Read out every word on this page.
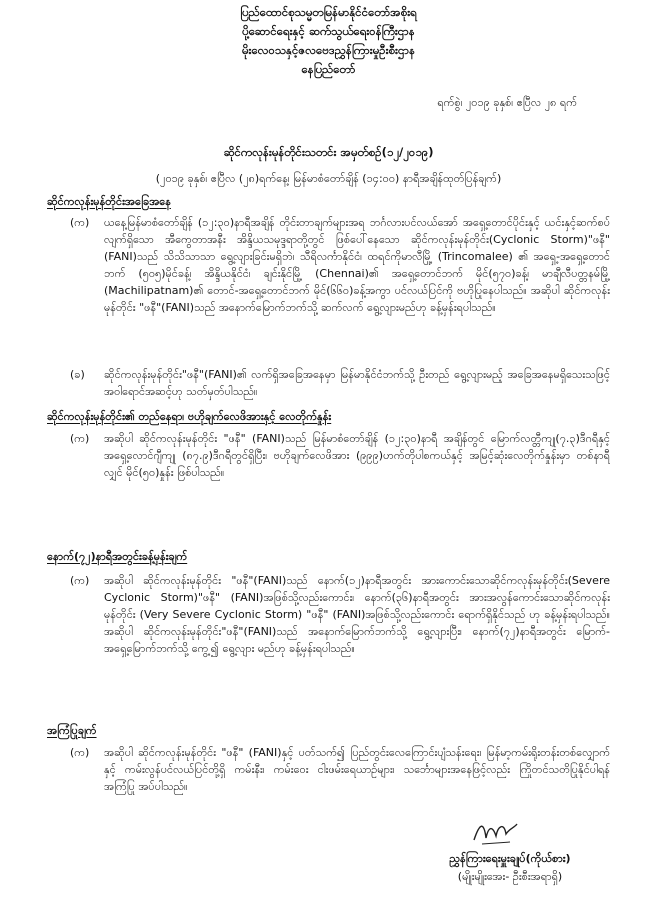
ပြည်ထောင်စုသမ္မတမြန်မာနိုင်ငံတော်အစိုးရ
ပို့ဆောင်ရေးနှင့် ဆက်သွယ်ရေးဝန်ကြီးဌာန
မိုးလေဝသနှင့်ဇလဗေဒညွှန်ကြားမှုဦးစီးဌာန
နေပြည်တော်
ရက်စွဲ၊ ၂၀၁၉ ခုနှစ်၊ ဧပြီလ ၂၈ ရက်
ဆိုင်ကလုန်းမုန်တိုင်းသတင်း အမှတ်စဉ်(၁၂/၂၀၁၉)
(၂၀၁၉ ခုနှစ်၊ ဧပြီလ (၂၈)ရက်နေ့၊ မြန်မာစံတော်ချိန် (၁၄:၀၀) နာရီအချိန်ထုတ်ပြန်ချက်)
ဆိုင်ကလုန်းမုန်တိုင်းအခြေအနေ
(က) ယနေ့မြန်မာစံတော်ချိန် (၁၂:၃၀)နာရီအချိန် တိုင်းတာချက်များအရ ဘင်္ဂလားပင်လယ်အော် အရှေ့တောင်ပိုင်းနှင့် ယင်းနှင့်ဆက်စပ်လျက်ရှိသော အီကွေတာအနီး အိန္ဒိယသမုဒ္ဒရာတို့တွင် ဖြစ်ပေါ်နေသော ဆိုင်ကလုန်းမုန်တိုင်း(Cyclonic Storm)"ဖနီ"(FANI)သည် သိသိသာသာ ရွေ့လျားခြင်းမရှိဘဲ၊ သီရိလင်္ကာနိုင်ငံ၊ ထရင်ကိုမာလီမြို့ (Trincomalee) ၏ အရှေ့-အရှေ့တောင်ဘက် (၅၀၅)မိုင်ခန့်၊ အိန္ဒိယနိုင်ငံ၊ ချင်းနိုင်မြို့ (Chennai)၏ အရှေ့တောင်ဘက် မိုင်(၅၇၀)ခန့်၊ မာချီလီပတ္တနမ်မြို့ (Machilipatnam)၏ တောင်-အရှေ့တောင်ဘက် မိုင်(၆၆၀)ခန့်အကွာ ပင်လယ်ပြင်ကို ဗဟိုပြုနေပါသည်။ အဆိုပါ ဆိုင်ကလုန်းမုန်တိုင်း "ဖနီ"(FANI)သည် အနောက်မြောက်ဘက်သို့ ဆက်လက် ရွေ့လျားမည်ဟု ခန့်မှန်းရပါသည်။
(ခ) ဆိုင်ကလုန်းမုန်တိုင်း"ဖနီ"(FANI)၏ လက်ရှိအခြေအနေမှာ မြန်မာနိုင်ငံဘက်သို့ ဦးတည် ရွေ့လျားမည့် အခြေအနေမရှိသေးသဖြင့် အဝါရောင်အဆင့်ဟု သတ်မှတ်ပါသည်။
ဆိုင်ကလုန်းမုန်တိုင်း၏ တည်နေရာ၊ ဗဟိုချက်လေဖိအားနှင့် လေတိုက်နှုန်း
(က) အဆိုပါ ဆိုင်ကလုန်းမုန်တိုင်း "ဖနီ" (FANI)သည် မြန်မာစံတော်ချိန် (၁၂:၃၀)နာရီ အချိန်တွင် မြောက်လတ္တီကျု(၇.၃)ဒီဂရီနှင့် အရှေ့လောင်ဂျီကျု (၈၇.၉)ဒီဂရီတွင်ရှိပြီး၊ ဗဟိုချက်လေဖိအား (၉၉၉)ဟက်တိုပါစကယ်နှင့် အမြင့်ဆုံးလေတိုက်နှုန်းမှာ တစ်နာရီလျှင် မိုင်(၅၀)နှုန်း ဖြစ်ပါသည်။
နောက်(၇၂)နာရီအတွင်းခန့်မှန်းချက်
(က) အဆိုပါ ဆိုင်ကလုန်းမုန်တိုင်း "ဖနီ"(FANI)သည် နောက်(၁၂)နာရီအတွင်း အားကောင်းသောဆိုင်ကလုန်းမုန်တိုင်း(Severe Cyclonic Storm)"ဖနီ" (FANI)အဖြစ်သို့လည်းကောင်း၊ နောက်(၃၆)နာရီအတွင်း အားအလွန်ကောင်းသောဆိုင်ကလုန်းမုန်တိုင်း (Very Severe Cyclonic Storm) "ဖနီ" (FANI)အဖြစ်သို့လည်းကောင်း ရောက်ရှိနိုင်သည် ဟု ခန့်မှန်းရပါသည်။ အဆိုပါ ဆိုင်ကလုန်းမုန်တိုင်း"ဖနီ"(FANI)သည် အနောက်မြောက်ဘက်သို့ ရွေ့လျားပြီး၊ နောက်(၇၂)နာရီအတွင်း မြောက်-အရှေ့မြောက်ဘက်သို့ ကွေ့၍ ရွေ့လျား မည်ဟု ခန့်မှန်းရပါသည်။
အကြံပြုချက်
(က) အဆိုပါ ဆိုင်ကလုန်းမုန်တိုင်း "ဖနီ" (FANI)နှင့် ပတ်သက်၍ ပြည်တွင်းလေကြောင်းပျံသန်းရေး၊ မြန်မာ့ကမ်းရိုးတန်းတစ်လျှောက်နှင့် ကမ်းလွန်ပင်လယ်ပြင်တို့ရှိ ကမ်းနီး၊ ကမ်းဝေး ငါးဖမ်းရေယာဉ်များ၊ သင်္ဘောများအနေဖြင့်လည်း ကြိုတင်သတိပြုနိုင်ပါရန် အကြံပြု အပ်ပါသည်။
ညွှန်ကြားရေးမှူးချုပ်(ကိုယ်စား)
(မျိုးမျိုးအေး- ဦးစီးအရာရှိ)
